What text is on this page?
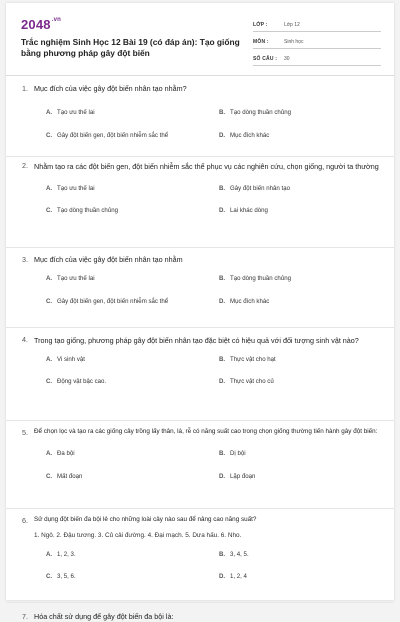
$2048^{.vn}$
Trắc nghiệm Sinh Học 12 Bài 19 (có đáp án): Tạo giống bằng phương pháp gây đột biến
LỚP :	Lớp 12
MÔN :	Sinh học
SỐ CÂU :	30
1. Mục đích của việc gây đột biến nhân tạo nhằm?
A. Tạo ưu thế lai	B. Tạo dòng thuần chủng
C. Gây đột biến gen, đột biến nhiễm sắc thể	D. Mục đích khác
2. Nhằm tạo ra các đột biến gen, đột biến nhiễm sắc thể phục vụ các nghiên cứu, chọn giống, người ta thường
A. Tạo ưu thế lai	B. Gây đột biến nhân tạo
C. Tạo dòng thuần chủng	D. Lai khác dòng
3. Mục đích của việc gây đột biến nhân tạo nhằm
A. Tạo ưu thế lai	B. Tạo dòng thuần chủng
C. Gây đột biến gen, đột biến nhiễm sắc thể	D. Mục đích khác
4. Trong tạo giống, phương pháp gây đột biến nhân tạo đặc biệt có hiệu quả với đối tượng sinh vật nào?
A. Vi sinh vật	B. Thực vật cho hạt
C. Động vật bậc cao.	D. Thực vật cho củ
5. Để chọn lọc và tạo ra các giống cây trồng lấy thân, lá, rễ có năng suất cao trong chọn giống thường tiến hành gây đột biến:
A. Đa bội	B. Dị bội
C. Mất đoạn	D. Lặp đoạn
6. Sử dụng đột biến đa bội lẻ cho những loài cây nào sau để nâng cao năng suất?
1. Ngô. 2. Đậu tương. 3. Củ cải đường. 4. Đại mạch. 5. Dưa hấu. 6. Nho.
A. 1, 2, 3.	B. 3, 4, 5.
C. 3, 5, 6.	D. 1, 2, 4
7. Hóa chất sử dụng để gây đột biến đa bội là:
